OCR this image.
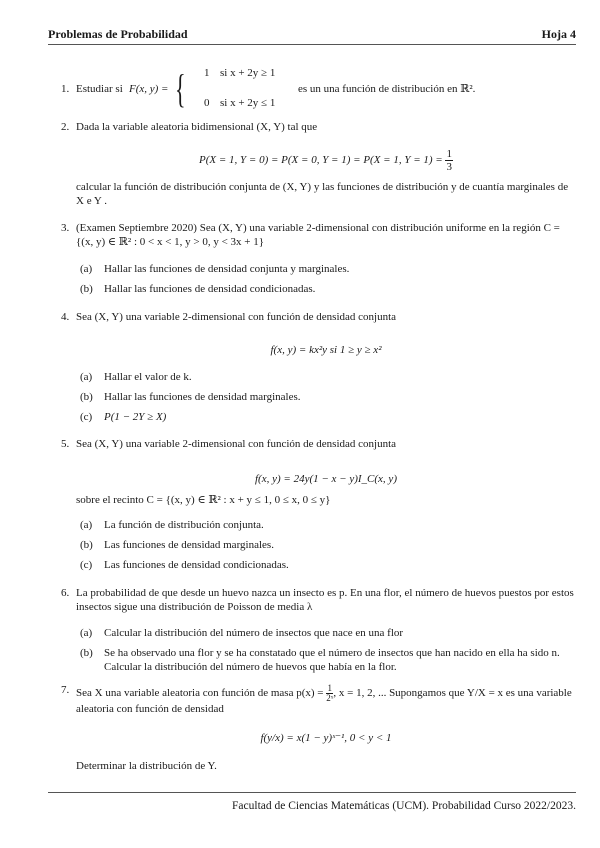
Problemas de Probabilidad	Hoja 4
1. Estudiar si F(x, y) = { 1 si x + 2y ≥ 1
0 si x + 2y ≤ 1
es un una función de distribución en ℝ².
2. Dada la variable aleatoria bidimensional (X, Y) tal que
P(X = 1, Y = 0) = P(X = 0, Y = 1) = P(X = 1, $Y = 1) = \frac{1}{3}$
calcular la función de distribución conjunta de (X, Y) y las funciones de distribución y de cuantía marginales de X e Y .
3. (Examen Septiembre 2020) Sea (X, Y) una variable 2-dimensional con distribución uniforme en la región C = {(x, y) ∈ ℝ² : 0 < x < 1, y > 0, y < 3x + 1}
(a) Hallar las funciones de densidad conjunta y marginales.
(b) Hallar las funciones de densidad condicionadas.
4. Sea (X, Y) una variable 2-dimensional con función de densidad conjunta
f(x, y) = kx²y si 1 ≥ y ≥ x²
(a) Hallar el valor de k.
(b) Hallar las funciones de densidad marginales.
(c) P(1 − 2Y ≥ X)
5. Sea (X, Y) una variable 2-dimensional con función de densidad conjunta
f(x, y) = 24y(1 − x − y)I_C(x, y)
sobre el recinto C = {(x, y) ∈ ℝ² : x + y ≤ 1, 0 ≤ x, 0 ≤ y}
(a) La función de distribución conjunta.
(b) Las funciones de densidad marginales.
(c) Las funciones de densidad condicionadas.
6. La probabilidad de que desde un huevo nazca un insecto es p. En una flor, el número de huevos puestos por estos insectos sigue una distribución de Poisson de media λ
(a) Calcular la distribución del número de insectos que nace en una flor
(b) Se ha observado una flor y se ha constatado que el número de insectos que han nacido en ella ha sido n. Calcular la distribución del número de huevos que había en la flor.
7. Sea X una variable aleatoria con función de masa $p(x) = \frac{1}{\text{2ˣ}}$ , x = 1, 2, ... Supongamos que Y/X = x es una variable aleatoria con función de densidad
f(y/x) = x(1 − y)ˣ⁻¹, 0 < y < 1
Determinar la distribución de Y.
Facultad de Ciencias Matemáticas (UCM). Probabilidad Curso 2022/2023.
